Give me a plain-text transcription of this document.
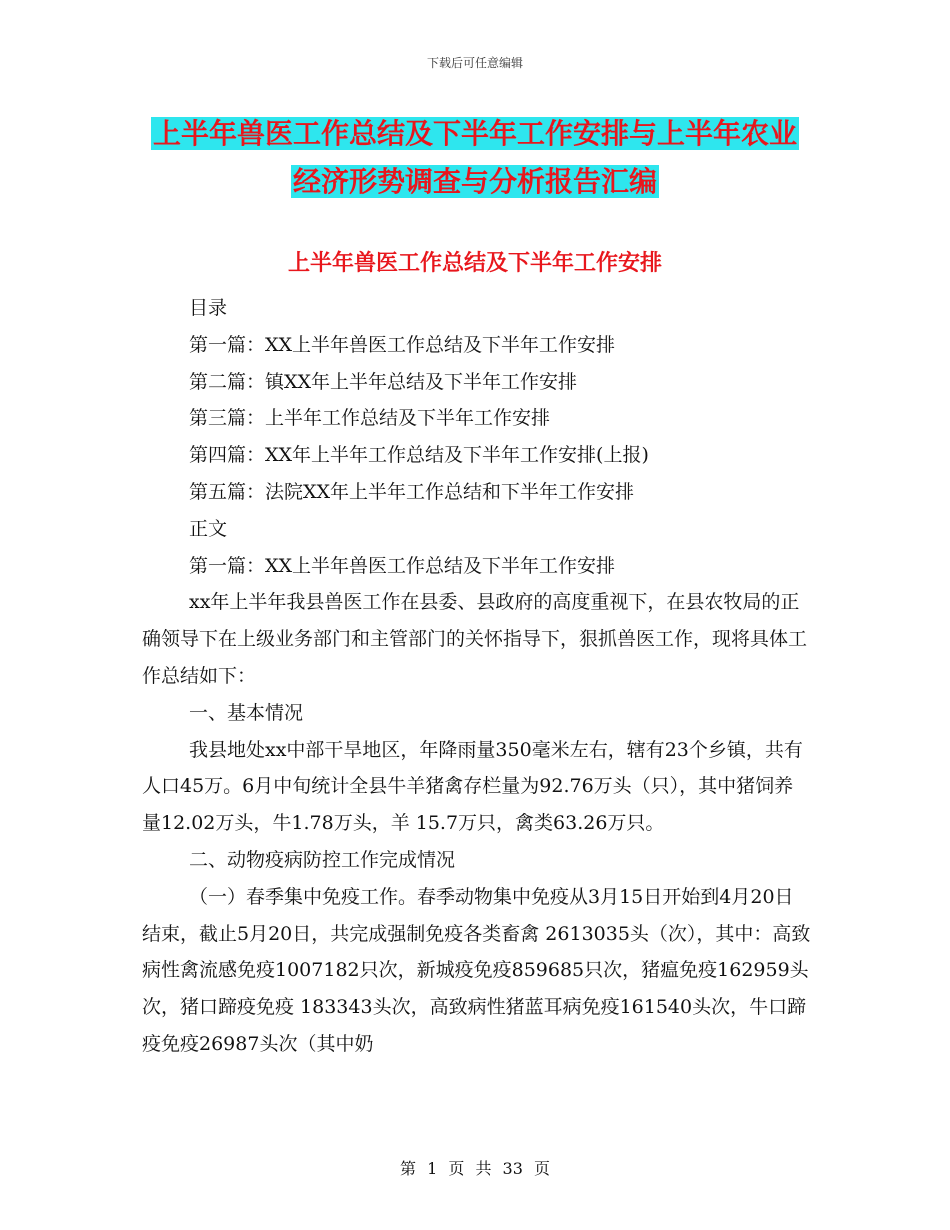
下载后可任意编辑
上半年兽医工作总结及下半年工作安排与上半年农业
经济形势调查与分析报告汇编
上半年兽医工作总结及下半年工作安排

目录

第一篇：XX上半年兽医工作总结及下半年工作安排

第二篇：镇XX年上半年总结及下半年工作安排

第三篇：上半年工作总结及下半年工作安排

第四篇：XX年上半年工作总结及下半年工作安排(上报)

第五篇：法院XX年上半年工作总结和下半年工作安排

正文

第一篇：XX上半年兽医工作总结及下半年工作安排

xx年上半年我县兽医工作在县委、县政府的高度重视下，在县农牧局的正确领导下在上级业务部门和主管部门的关怀指导下，狠抓兽医工作，现将具体工作总结如下：

一、基本情况

我县地处xx中部干旱地区，年降雨量350毫米左右，辖有23个乡镇，共有人口45万。6月中旬统计全县牛羊猪禽存栏量为92.76万头（只），其中猪饲养量12.02万头，牛1.78万头，羊 15.7万只，禽类63.26万只。

二、动物疫病防控工作完成情况

（一）春季集中免疫工作。春季动物集中免疫从3月15日开始到4月20日结束，截止5月20日，共完成强制免疫各类畜禽 2613035头（次），其中：高致病性禽流感免疫1007182只次，新城疫免疫859685只次，猪瘟免疫162959头次，猪口蹄疫免疫 183343头次，高致病性猪蓝耳病免疫161540头次，牛口蹄疫免疫26987头次（其中奶

第 1 页 共 33 页
